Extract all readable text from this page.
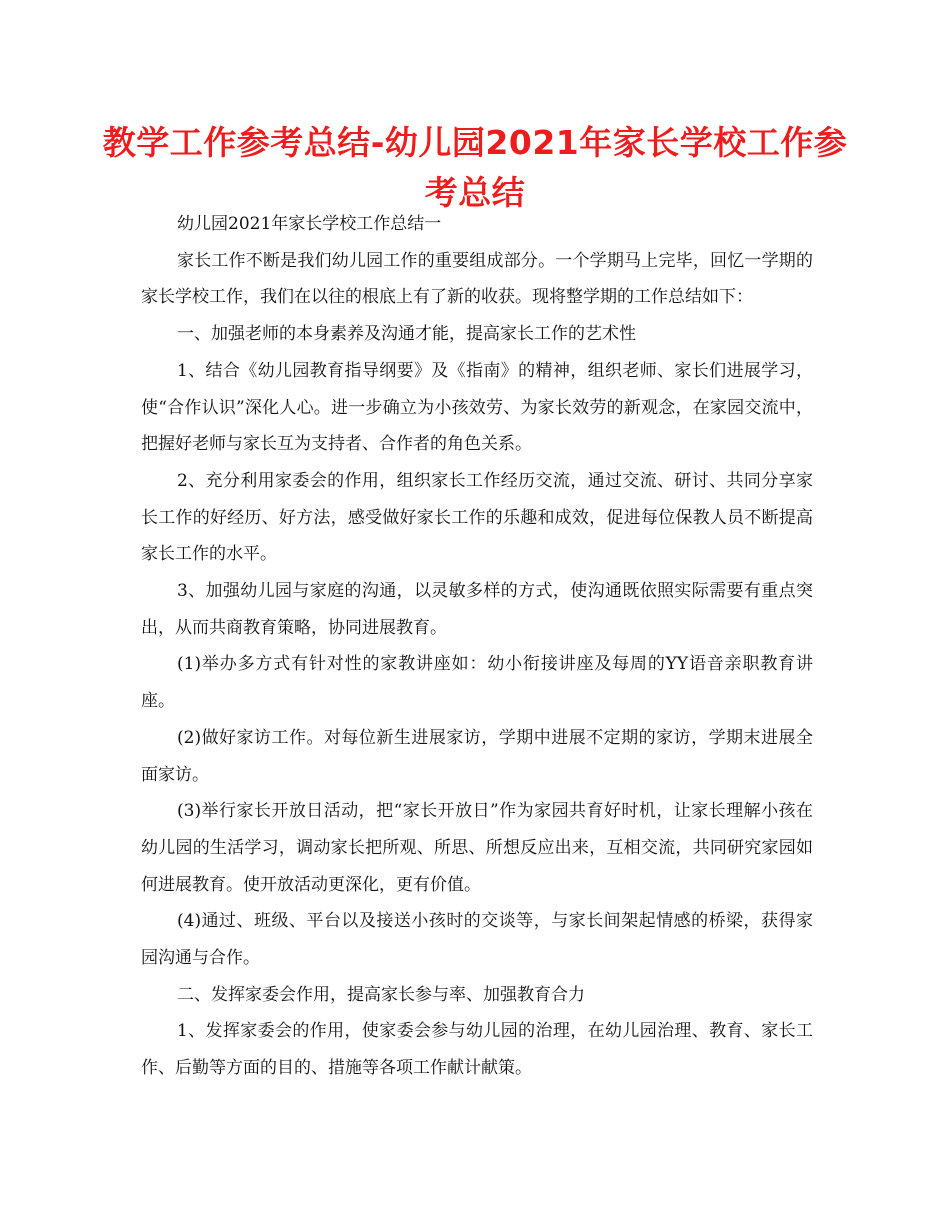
教学工作参考总结-幼儿园2021年家长学校工作参考总结

幼儿园2021年家长学校工作总结一

家长工作不断是我们幼儿园工作的重要组成部分。一个学期马上完毕，回忆一学期的家长学校工作，我们在以往的根底上有了新的收获。现将整学期的工作总结如下：

一、加强老师的本身素养及沟通才能，提高家长工作的艺术性

1、结合《幼儿园教育指导纲要》及《指南》的精神，组织老师、家长们进展学习，使“合作认识”深化人心。进一步确立为小孩效劳、为家长效劳的新观念，在家园交流中，把握好老师与家长互为支持者、合作者的角色关系。

2、充分利用家委会的作用，组织家长工作经历交流，通过交流、研讨、共同分享家长工作的好经历、好方法，感受做好家长工作的乐趣和成效，促进每位保教人员不断提高家长工作的水平。

3、加强幼儿园与家庭的沟通，以灵敏多样的方式，使沟通既依照实际需要有重点突出，从而共商教育策略，协同进展教育。

(1)举办多方式有针对性的家教讲座如：幼小衔接讲座及每周的YY语音亲职教育讲座。

(2)做好家访工作。对每位新生进展家访，学期中进展不定期的家访，学期末进展全面家访。

(3)举行家长开放日活动，把“家长开放日”作为家园共育好时机，让家长理解小孩在幼儿园的生活学习，调动家长把所观、所思、所想反应出来，互相交流，共同研究家园如何进展教育。使开放活动更深化，更有价值。

(4)通过、班级、平台以及接送小孩时的交谈等，与家长间架起情感的桥梁，获得家园沟通与合作。

二、发挥家委会作用，提高家长参与率、加强教育合力

1、发挥家委会的作用，使家委会参与幼儿园的治理，在幼儿园治理、教育、家长工作、后勤等方面的目的、措施等各项工作献计献策。
